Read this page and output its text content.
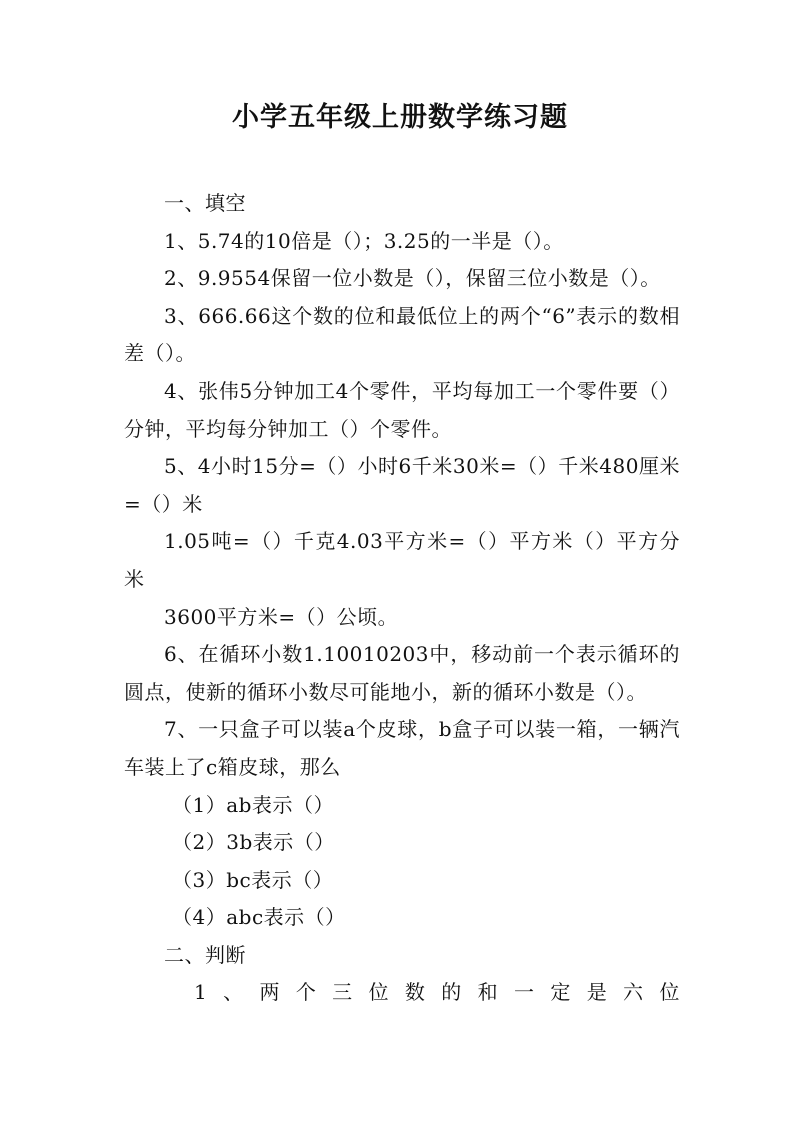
小学五年级上册数学练习题

一、填空

1、5.74的10倍是（）；3.25的一半是（）。

2、9.9554保留一位小数是（），保留三位小数是（）。

3、666.66这个数的位和最低位上的两个“6”表示的数相差（）。

4、张伟5分钟加工4个零件，平均每加工一个零件要（）分钟，平均每分钟加工（）个零件。

5、4小时15分=（）小时6千米30米=（）千米480厘米=（）米

1.05吨=（）千克4.03平方米=（）平方米（）平方分米

3600平方米=（）公顷。

6、在循环小数1.10010203中，移动前一个表示循环的圆点，使新的循环小数尽可能地小，新的循环小数是（）。

7、一只盒子可以装a个皮球，b盒子可以装一箱，一辆汽车装上了c箱皮球，那么

（1）ab表示（）

（2）3b表示（）

（3）bc表示（）

（4）abc表示（）

二、判断

1 、 两 个 三 位 数 的 和 一 定 是 六 位
